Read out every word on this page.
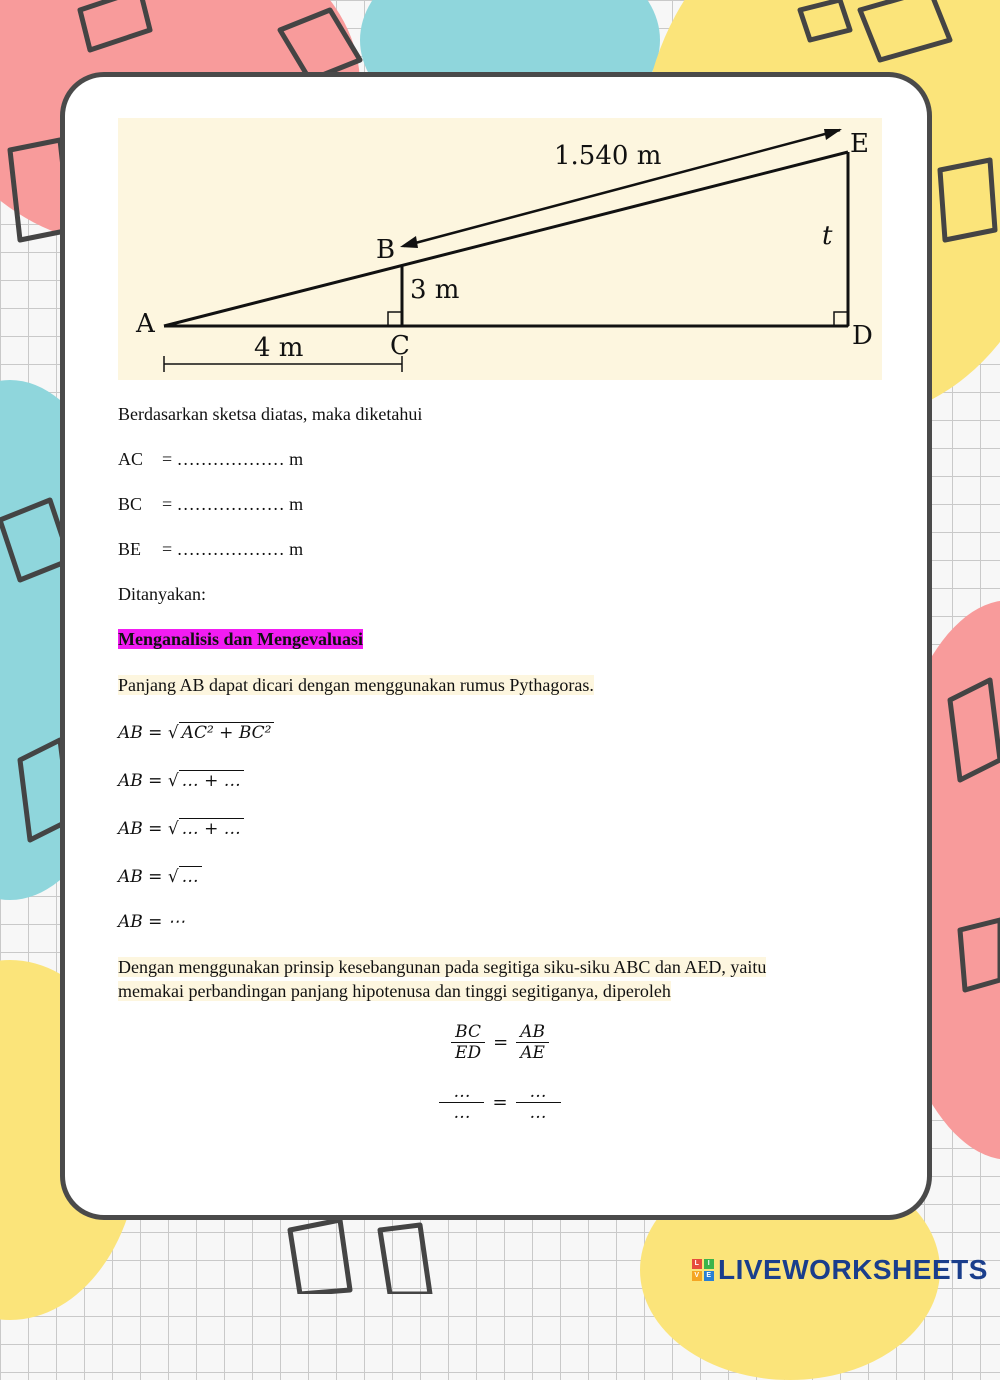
A
B
C	D
E
1.540 m
3 m
4 m
t
Berdasarkan sketsa diatas, maka diketahui
AC = ……………… m
BC = ……………… m
BE = ……………… m
Ditanyakan:
Menganalisis dan Mengevaluasi
Panjang AB dapat dicari dengan menggunakan rumus Pythagoras.
AB = √ AC² + BC²
AB = √ … + …
AB = √ … + …
AB = √ …
AB = ⋯
Dengan menggunakan prinsip kesebangunan pada segitiga siku-siku ABC dan AED, yaitu
memakai perbandingan panjang hipotenusa dan tinggi segitiganya, diperoleh
$\frac{BC}{ED} = \frac{AB}{AE}$
$\frac{\dots}{\dots} = \frac{\dots}{\dots}$
L	I
V E LIVEWORKSHEETS
